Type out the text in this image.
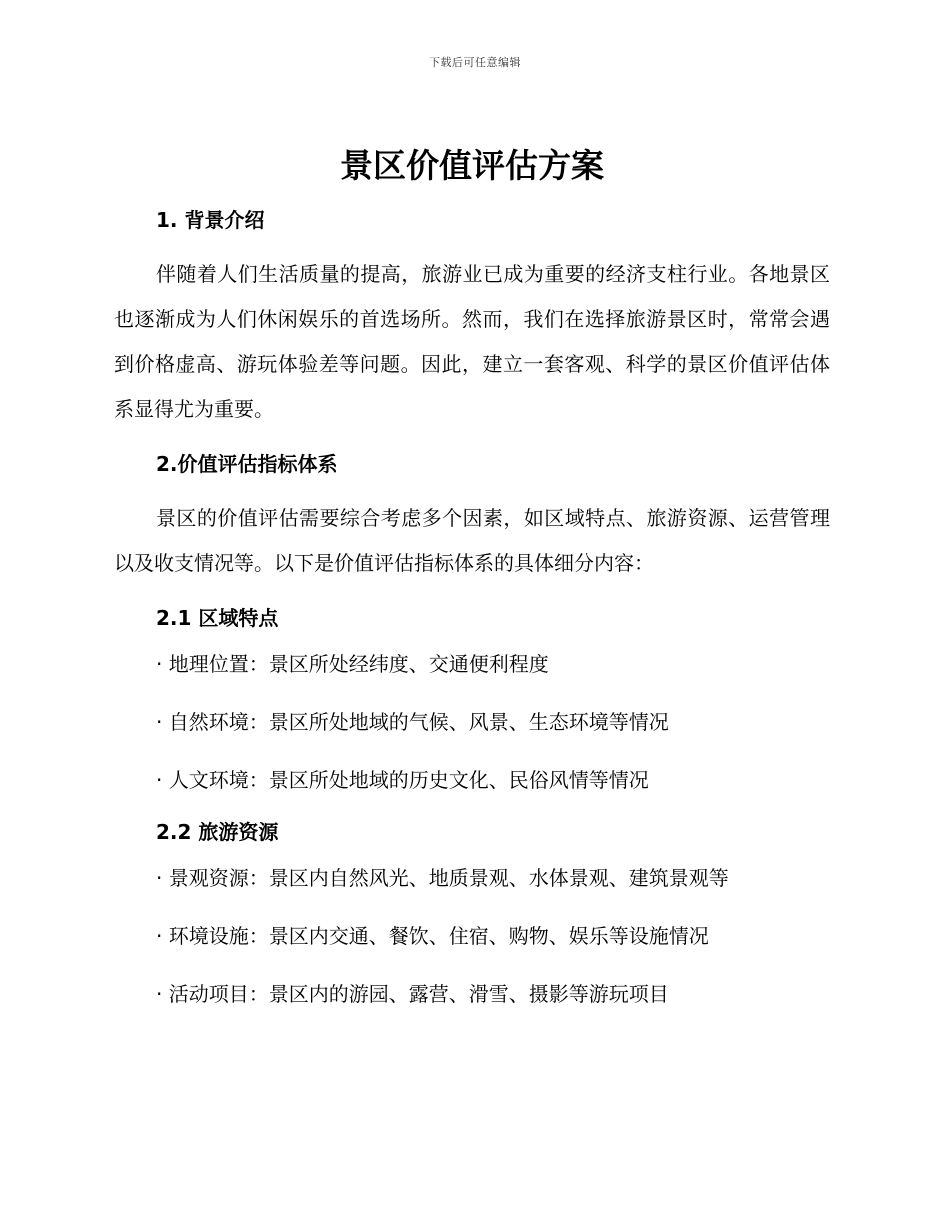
下载后可任意编辑
景区价值评估方案
1. 背景介绍

伴随着人们生活质量的提高，旅游业已成为重要的经济支柱行业。各地景区也逐渐成为人们休闲娱乐的首选场所。然而，我们在选择旅游景区时，常常会遇到价格虚高、游玩体验差等问题。因此，建立一套客观、科学的景区价值评估体系显得尤为重要。

2.价值评估指标体系

景区的价值评估需要综合考虑多个因素，如区域特点、旅游资源、运营管理以及收支情况等。以下是价值评估指标体系的具体细分内容：

2.1 区域特点
· 地理位置：景区所处经纬度、交通便利程度
· 自然环境：景区所处地域的气候、风景、生态环境等情况
· 人文环境：景区所处地域的历史文化、民俗风情等情况
2.2 旅游资源
· 景观资源：景区内自然风光、地质景观、水体景观、建筑景观等
· 环境设施：景区内交通、餐饮、住宿、购物、娱乐等设施情况
· 活动项目：景区内的游园、露营、滑雪、摄影等游玩项目
